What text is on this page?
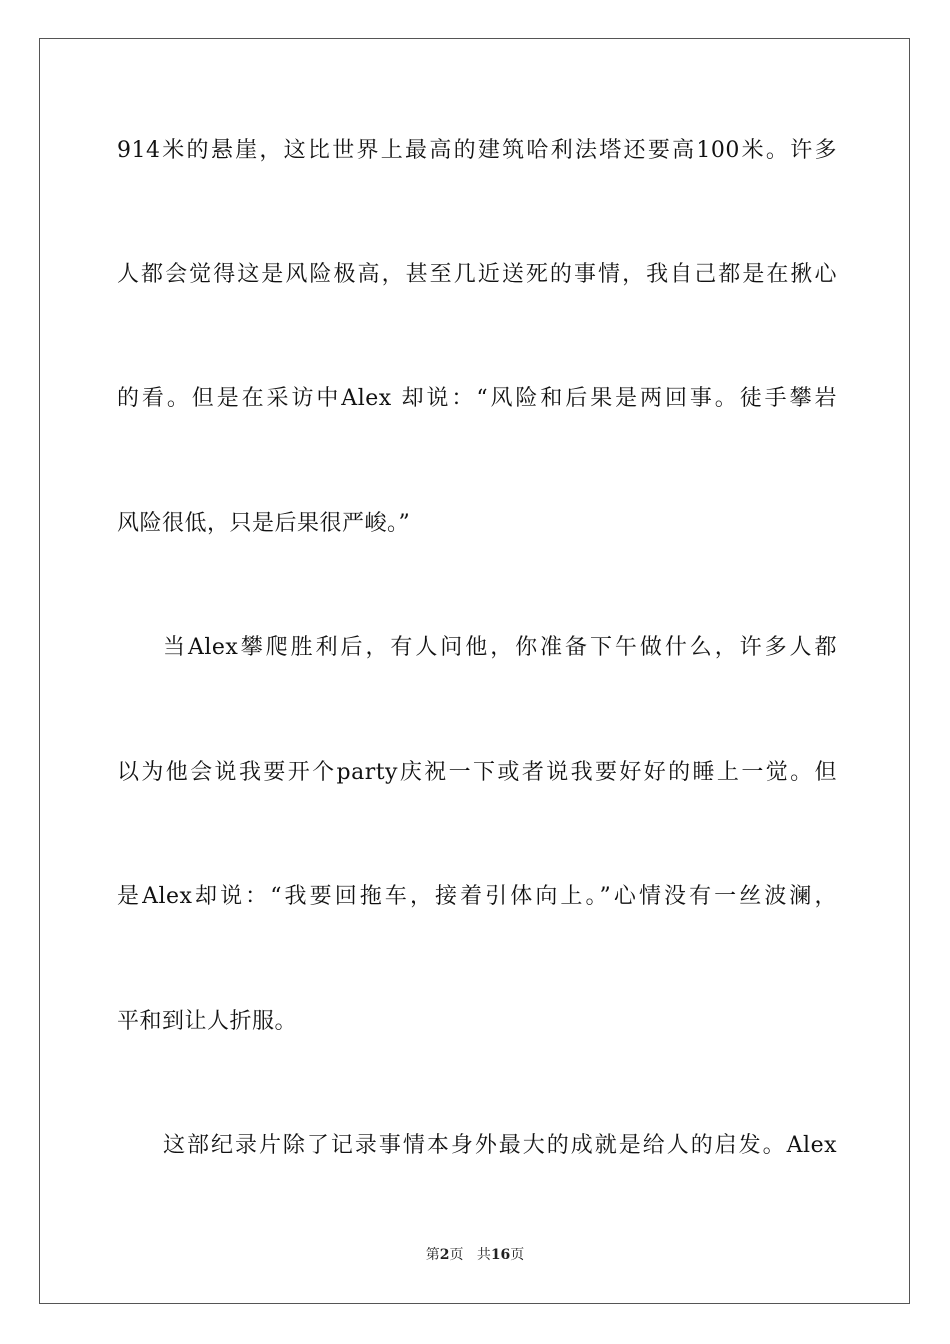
914米的悬崖，这比世界上最高的建筑哈利法塔还要高100米。许多
人都会觉得这是风险极高，甚至几近送死的事情，我自己都是在揪心
的看。但是在采访中Alex 却说：“风险和后果是两回事。徒手攀岩
风险很低，只是后果很严峻。”
当Alex攀爬胜利后，有人问他，你准备下午做什么，许多人都
以为他会说我要开个party庆祝一下或者说我要好好的睡上一觉。但
是Alex却说：“我要回拖车，接着引体向上。”心情没有一丝波澜，
平和到让人折服。
这部纪录片除了记录事情本身外最大的成就是给人的启发。Alex
第2页 共16页
